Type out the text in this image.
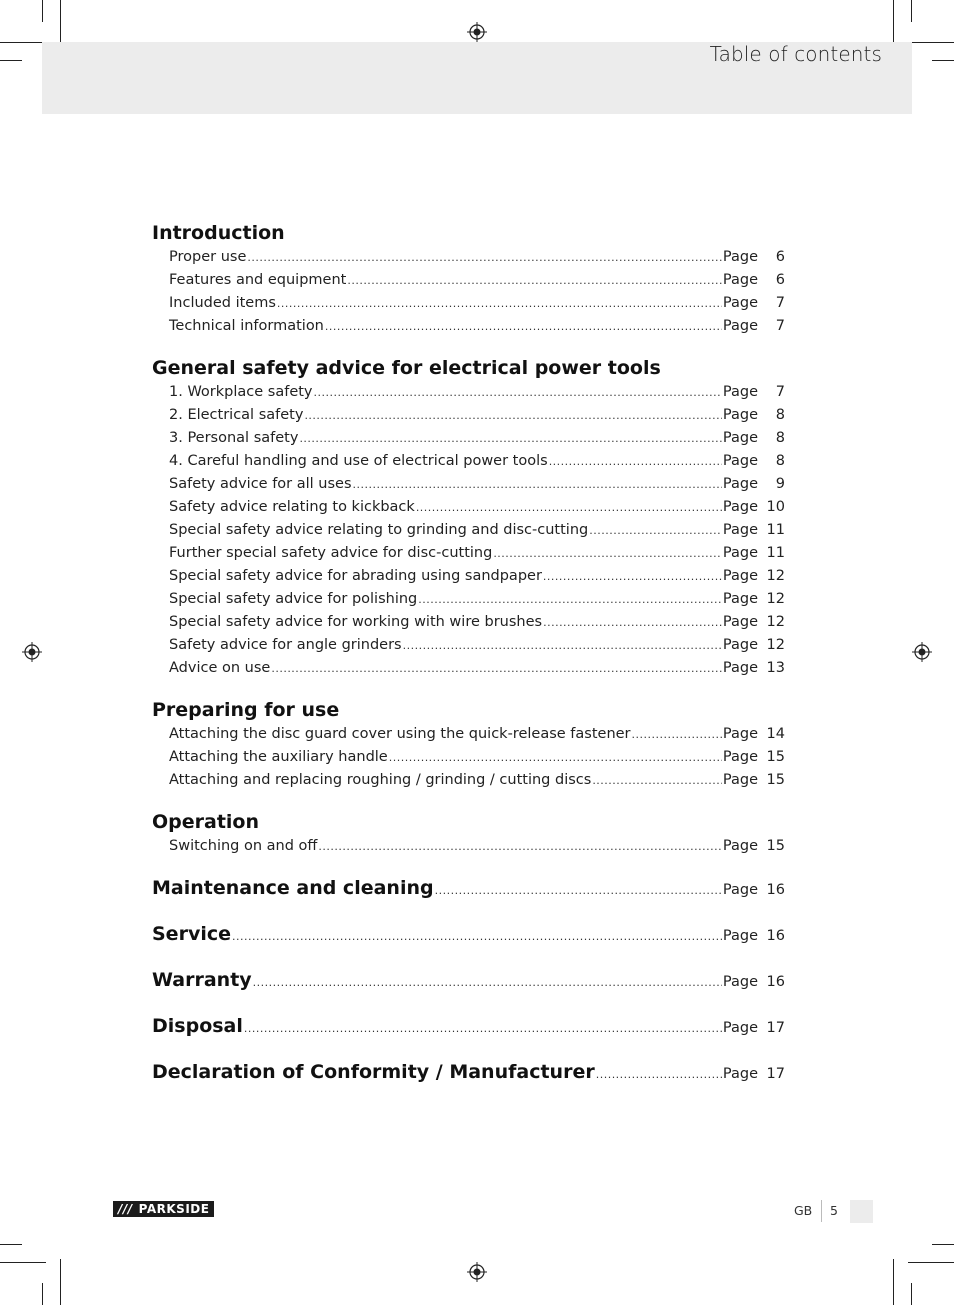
Table of contents
Introduction
Proper use .....	Page	6
Features and equipment .....	Page	6
Included items .....	Page	7
Technical information .....	Page	7
General safety advice for electrical power tools
1. Workplace safety .....	Page	7
2. Electrical safety .....	Page	8
3. Personal safety .....	Page	8
4. Careful handling and use of electrical power tools .....	Page	8
Safety advice for all uses .....	Page	9
Safety advice relating to kickback .....	Page 10
Special safety advice relating to grinding and disc-cutting .....	Page 11
Further special safety advice for disc-cutting .....	Page 11
Special safety advice for abrading using sandpaper .....	Page 12
Special safety advice for polishing .....	Page 12
Special safety advice for working with wire brushes .....	Page 12
Safety advice for angle grinders .....	Page 12
Advice on use .....	Page 13
Preparing for use
Attaching the disc guard cover using the quick-release fastener .....	Page 14
Attaching the auxiliary handle .....	Page 15
Attaching and replacing roughing / grinding / cutting discs .....	Page 15
Operation
Switching on and off .....	Page 15
Maintenance and cleaning .....	Page 16
Service .....	Page 16
Warranty .....	Page 16
Disposal .....	Page 17
Declaration of Conformity / Manufacturer .....	Page 17
/// PARKSIDE	GB 5
